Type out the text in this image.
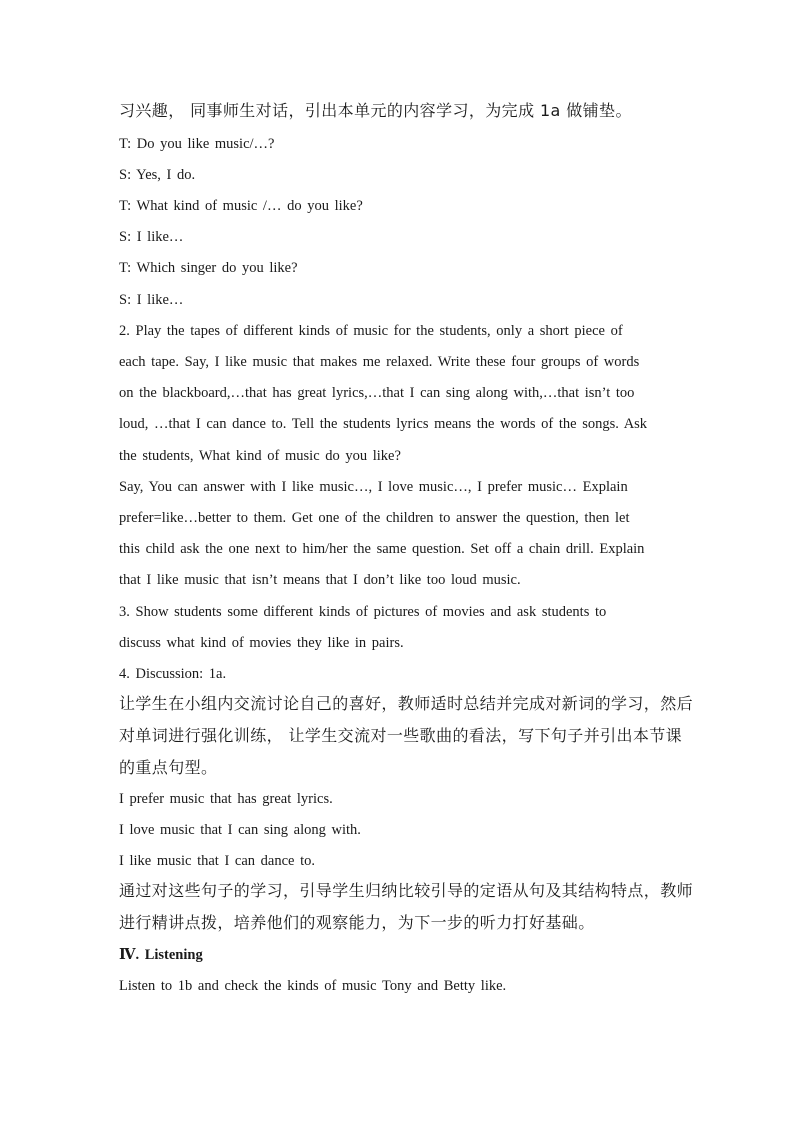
习兴趣， 同事师生对话，引出本单元的内容学习，为完成 1a 做铺垫。
T: Do you like music/…?
S: Yes, I do.
T: What kind of music /… do you like?
S: I like…
T: Which singer do you like?
S: I like…
2. Play the tapes of different kinds of music for the students, only a short piece of
each tape. Say, I like music that makes me relaxed. Write these four groups of words
on the blackboard,…that has great lyrics,…that I can sing along with,…that isn’t too
loud, …that I can dance to. Tell the students lyrics means the words of the songs. Ask
the students, What kind of music do you like?
Say, You can answer with I like music…, I love music…, I prefer music… Explain
prefer=like…better to them. Get one of the children to answer the question, then let
this child ask the one next to him/her the same question. Set off a chain drill. Explain
that I like music that isn’t means that I don’t like too loud music.
3. Show students some different kinds of pictures of movies and ask students to
discuss what kind of movies they like in pairs.
4. Discussion: 1a.
让学生在小组内交流讨论自己的喜好，教师适时总结并完成对新词的学习，然后
对单词进行强化训练， 让学生交流对一些歌曲的看法，写下句子并引出本节课
的重点句型。
I prefer music that has great lyrics.
I love music that I can sing along with.
I like music that I can dance to.
通过对这些句子的学习，引导学生归纳比较引导的定语从句及其结构特点，教师
进行精讲点拨，培养他们的观察能力，为下一步的听力打好基础。
Ⅳ. Listening
Listen to 1b and check the kinds of music Tony and Betty like.
